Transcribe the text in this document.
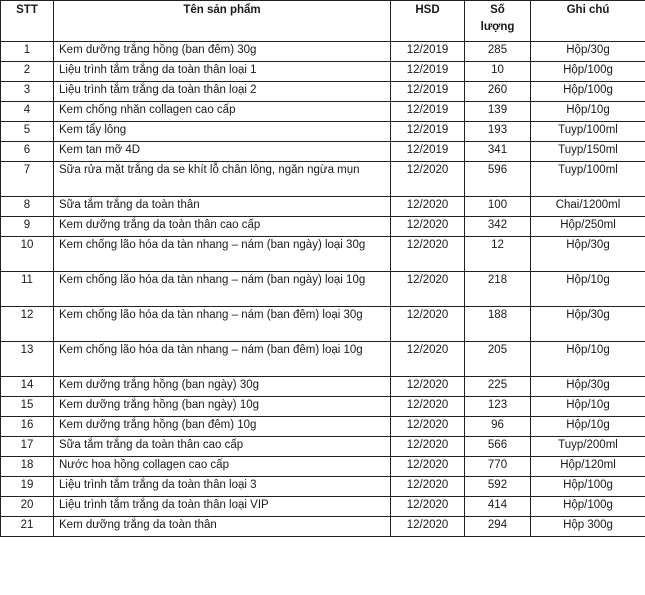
STT	Tên sản phẩm	HSD	Số lượng	Ghi chú
1	Kem dưỡng trắng hồng (ban đêm) 30g	12/2019	285	Hộp/30g
2	Liệu trình tắm trắng da toàn thân loại 1	12/2019	10	Hộp/100g
3	Liệu trình tắm trắng da toàn thân loại 2	12/2019	260	Hộp/100g
4	Kem chống nhăn collagen cao cấp	12/2019	139	Hộp/10g
5	Kem tẩy lông	12/2019	193	Tuyp/100ml
6	Kem tan mỡ 4D	12/2019	341	Tuyp/150ml
7	Sữa rửa mặt trắng da se khít lỗ chân lông, ngăn ngừa mụn	12/2020	596	Tuyp/100ml
8	Sữa tắm trắng da toàn thân	12/2020	100	Chai/1200ml
9	Kem dưỡng trắng da toàn thân cao cấp	12/2020	342	Hộp/250ml
10	Kem chống lão hóa da tàn nhang – nám (ban ngày) loại 30g	12/2020	12	Hộp/30g
11	Kem chống lão hóa da tàn nhang – nám (ban ngày) loại 10g	12/2020	218	Hộp/10g
12	Kem chống lão hóa da tàn nhang – nám (ban đêm) loại 30g	12/2020	188	Hộp/30g
13	Kem chống lão hóa da tàn nhang – nám (ban đêm) loại 10g	12/2020	205	Hộp/10g
14	Kem dưỡng trắng hồng (ban ngày) 30g	12/2020	225	Hộp/30g
15	Kem dưỡng trắng hồng (ban ngày) 10g	12/2020	123	Hộp/10g
16	Kem dưỡng trắng hồng (ban đêm) 10g	12/2020	96	Hộp/10g
17	Sữa tắm trắng da toàn thân cao cấp	12/2020	566	Tuyp/200ml
18	Nước hoa hồng collagen cao cấp	12/2020	770	Hộp/120ml
19	Liệu trình tắm trắng da toàn thân loại 3	12/2020	592	Hộp/100g
20	Liệu trình tắm trắng da toàn thân loại VIP	12/2020	414	Hộp/100g
21	Kem dưỡng trắng da toàn thân	12/2020	294	Hộp 300g
